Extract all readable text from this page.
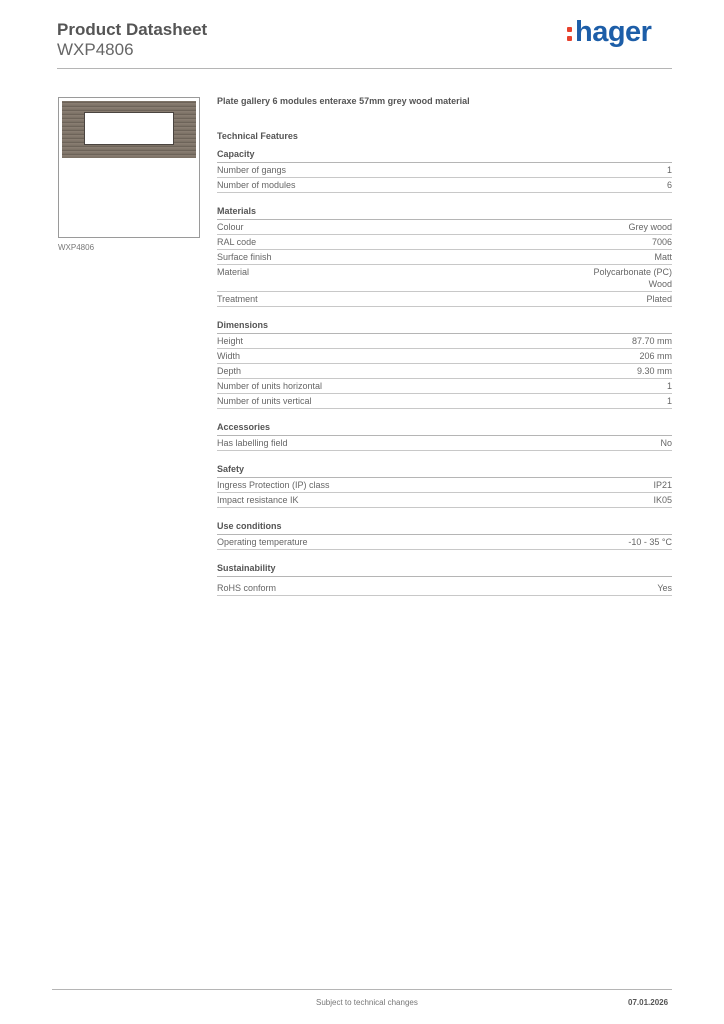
Product Datasheet
WXP4806
hager
WXP4806
Plate gallery 6 modules enteraxe 57mm grey wood material
Technical Features
Capacity
Number of gangs	1
Number of modules	6
Materials
Colour	Grey wood
RAL code	7006
Surface finish	Matt
Material	Polycarbonate (PC)
Wood
Treatment	Plated
Dimensions
Height	87.70 mm
Width	206 mm
Depth	9.30 mm
Number of units horizontal	1
Number of units vertical	1
Accessories
Has labelling field	No
Safety
Ingress Protection (IP) class	IP21
Impact resistance IK	IK05
Use conditions
Operating temperature	-10 - 35 °C
Sustainability
RoHS conform	Yes
Subject to technical changes	07.01.2026
